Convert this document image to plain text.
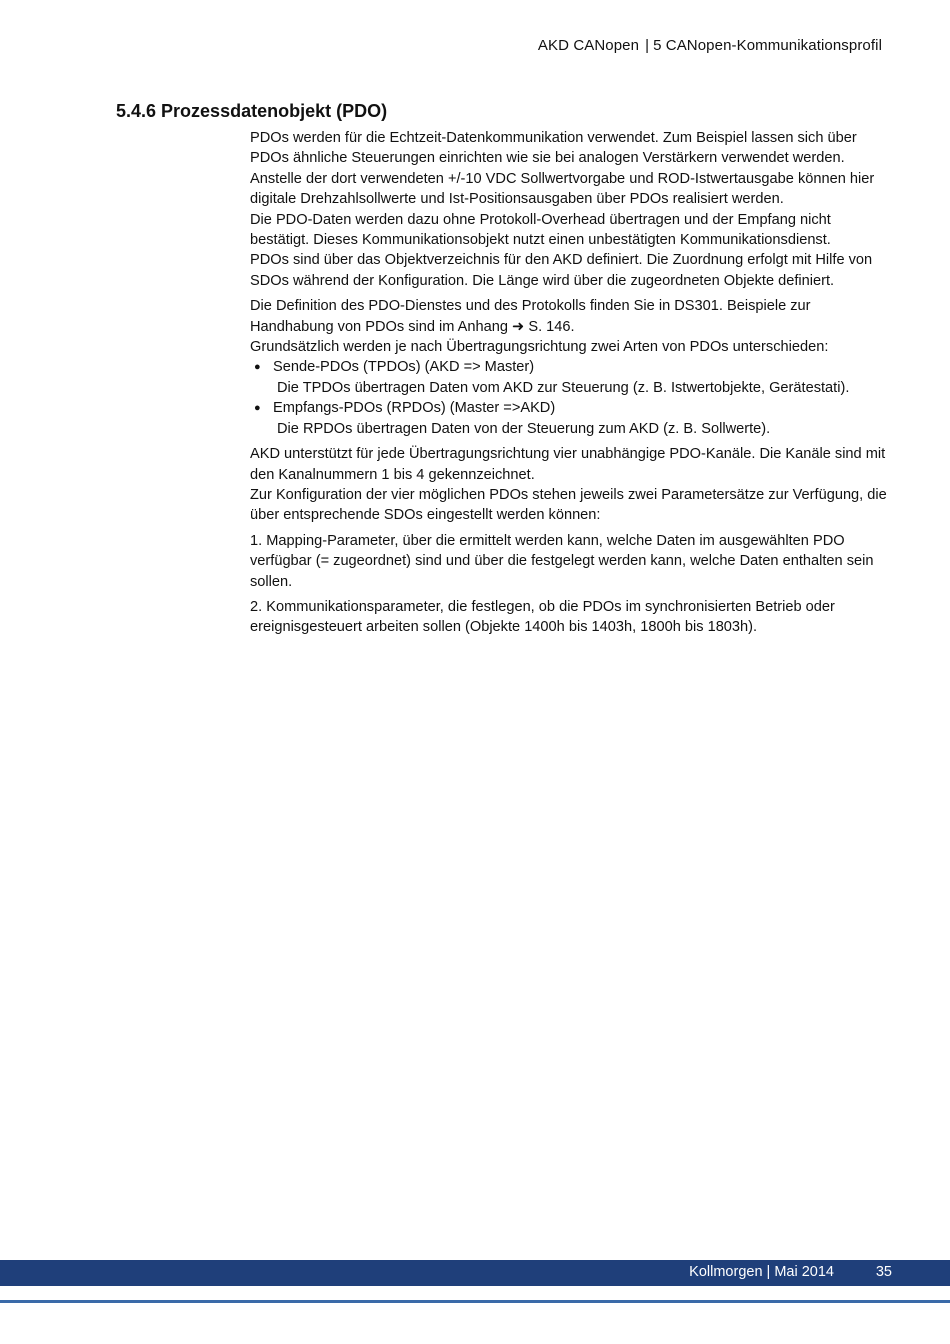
AKD CANopen | 5 CANopen-Kommunikationsprofil
5.4.6 Prozessdatenobjekt (PDO)

PDOs werden für die Echtzeit-Datenkommunikation verwendet. Zum Beispiel lassen sich über PDOs ähnliche Steuerungen einrichten wie sie bei analogen Verstärkern verwendet werden. Anstelle der dort verwendeten +/-10 VDC Sollwertvorgabe und ROD-Istwertausgabe können hier digitale Drehzahlsollwerte und Ist-Positionsausgaben über PDOs realisiert werden.

Die PDO-Daten werden dazu ohne Protokoll-Overhead übertragen und der Empfang nicht bestätigt. Dieses Kommunikationsobjekt nutzt einen unbestätigten Kommunikationsdienst.

PDOs sind über das Objektverzeichnis für den AKD definiert. Die Zuordnung erfolgt mit Hilfe von SDOs während der Konfiguration. Die Länge wird über die zugeordneten Objekte definiert.

Die Definition des PDO-Dienstes und des Protokolls finden Sie in DS301. Beispiele zur Handhabung von PDOs sind im Anhang ➜ S. 146.

Grundsätzlich werden je nach Übertragungsrichtung zwei Arten von PDOs unterschieden:

● Sende-PDOs (TPDOs) (AKD => Master)
Die TPDOs übertragen Daten vom AKD zur Steuerung (z. B. Istwertobjekte, Gerätestati).
● Empfangs-PDOs (RPDOs) (Master =>AKD)
Die RPDOs übertragen Daten von der Steuerung zum AKD (z. B. Sollwerte).

AKD unterstützt für jede Übertragungsrichtung vier unabhängige PDO-Kanäle. Die Kanäle sind mit den Kanalnummern 1 bis 4 gekennzeichnet.

Zur Konfiguration der vier möglichen PDOs stehen jeweils zwei Parametersätze zur Verfügung, die über entsprechende SDOs eingestellt werden können:

1. Mapping-Parameter, über die ermittelt werden kann, welche Daten im ausgewählten PDO verfügbar (= zugeordnet) sind und über die festgelegt werden kann, welche Daten enthalten sein sollen.

2. Kommunikationsparameter, die festlegen, ob die PDOs im synchronisierten Betrieb oder ereignisgesteuert arbeiten sollen (Objekte 1400h bis 1403h, 1800h bis 1803h).

Kollmorgen | Mai 2014	35
